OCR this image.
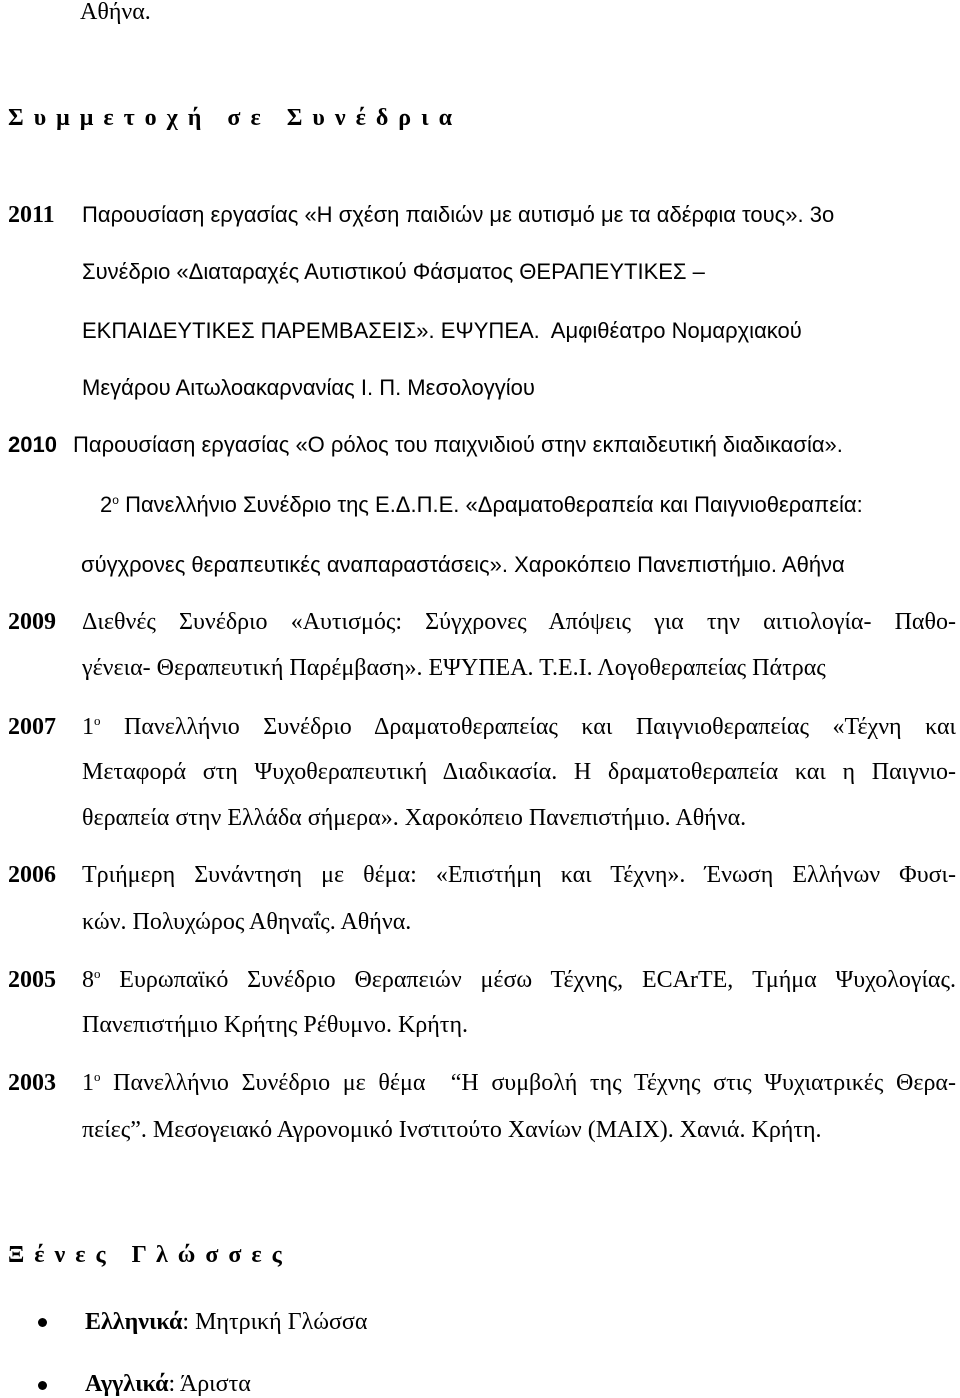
Αθήνα.
Σ υ μ μ ε τ ο χ ή   σ ε   Σ υ ν έ δ ρ ι α
2011 Παρουσίαση εργασίας «Η σχέση παιδιών με αυτισμό με τα αδέρφια τους». 3ο
Συνέδριο «Διαταραχές Αυτιστικού Φάσματος ΘΕΡΑΠΕΥΤΙΚΕΣ –
ΕΚΠΑΙΔΕΥΤΙΚΕΣ ΠΑΡΕΜΒΑΣΕΙΣ». ΕΨΥΠΕΑ.  Αμφιθέατρο Νομαρχιακού
Μεγάρου Αιτωλοακαρνανίας Ι. Π. Μεσολογγίου
2010 Παρουσίαση εργασίας «Ο ρόλος του παιχνιδιού στην εκπαιδευτική διαδικασία».
$2^o$ Πανελλήνιο Συνέδριο της Ε.Δ.Π.Ε. «Δραματοθεραπεία και Παιγνιοθεραπεία:
σύγχρονες θεραπευτικές αναπαραστάσεις». Χαροκόπειο Πανεπιστήμιο. Αθήνα
2009 Διεθνές Συνέδριο «Αυτισμός: Σύγχρονες Απόψεις για την αιτιολογία- Παθο-
γένεια- Θεραπευτική Παρέμβαση». ΕΨΥΠΕΑ. Τ.Ε.Ι. Λογοθεραπείας Πάτρας
2007 $1^o$ Πανελλήνιο Συνέδριο Δραματοθεραπείας και Παιγνιοθεραπείας «Τέχνη και
Μεταφορά στη Ψυχοθεραπευτική Διαδικασία. Η δραματοθεραπεία και η Παιγνιο-
θεραπεία στην Ελλάδα σήμερα». Χαροκόπειο Πανεπιστήμιο. Αθήνα.
2006 Τριήμερη Συνάντηση με θέμα: «Επιστήμη και Τέχνη». Ένωση Ελλήνων Φυσι-
κών. Πολυχώρος Αθηναΐς. Αθήνα.
2005 $8^o$ Ευρωπαϊκό Συνέδριο Θεραπειών μέσω Τέχνης, ECArTE, Τμήμα Ψυχολογίας.
Πανεπιστήμιο Κρήτης Ρέθυμνο. Κρήτη.
2003 $1^o$ Πανελλήνιο Συνέδριο με θέμα  “Η συμβολή της Τέχνης στις Ψυχιατρικές Θερα-
πείες”. Μεσογειακό Αγρονομικό Ινστιτούτο Χανίων (ΜΑΙΧ). Χανιά. Κρήτη.
Ξ έ ν ε ς   Γ λ ώ σ σ ε ς
Ελληνικά: Μητρική Γλώσσα
Αγγλικά: Άριστα
